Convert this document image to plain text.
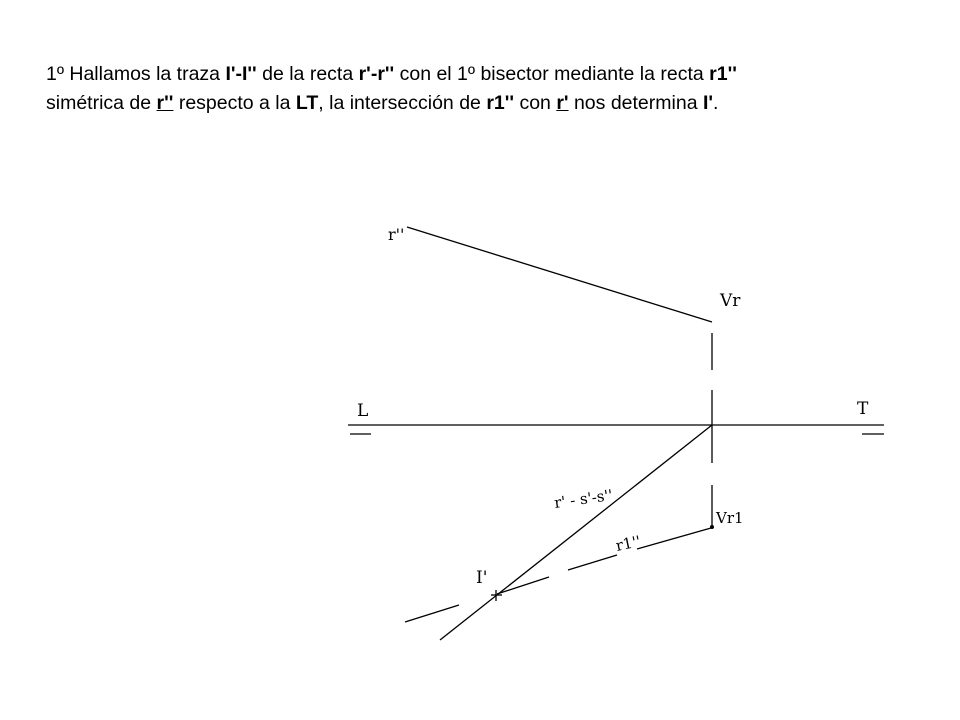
1º Hallamos la traza I'-I'' de la recta r'-r'' con el 1º bisector mediante la recta r1''
simétrica de r'' respecto a la LT, la intersección de r1'' con r' nos determina I'.
r''
Vr
L	T
r' - s'-s''
Vr1
r1''
I'
